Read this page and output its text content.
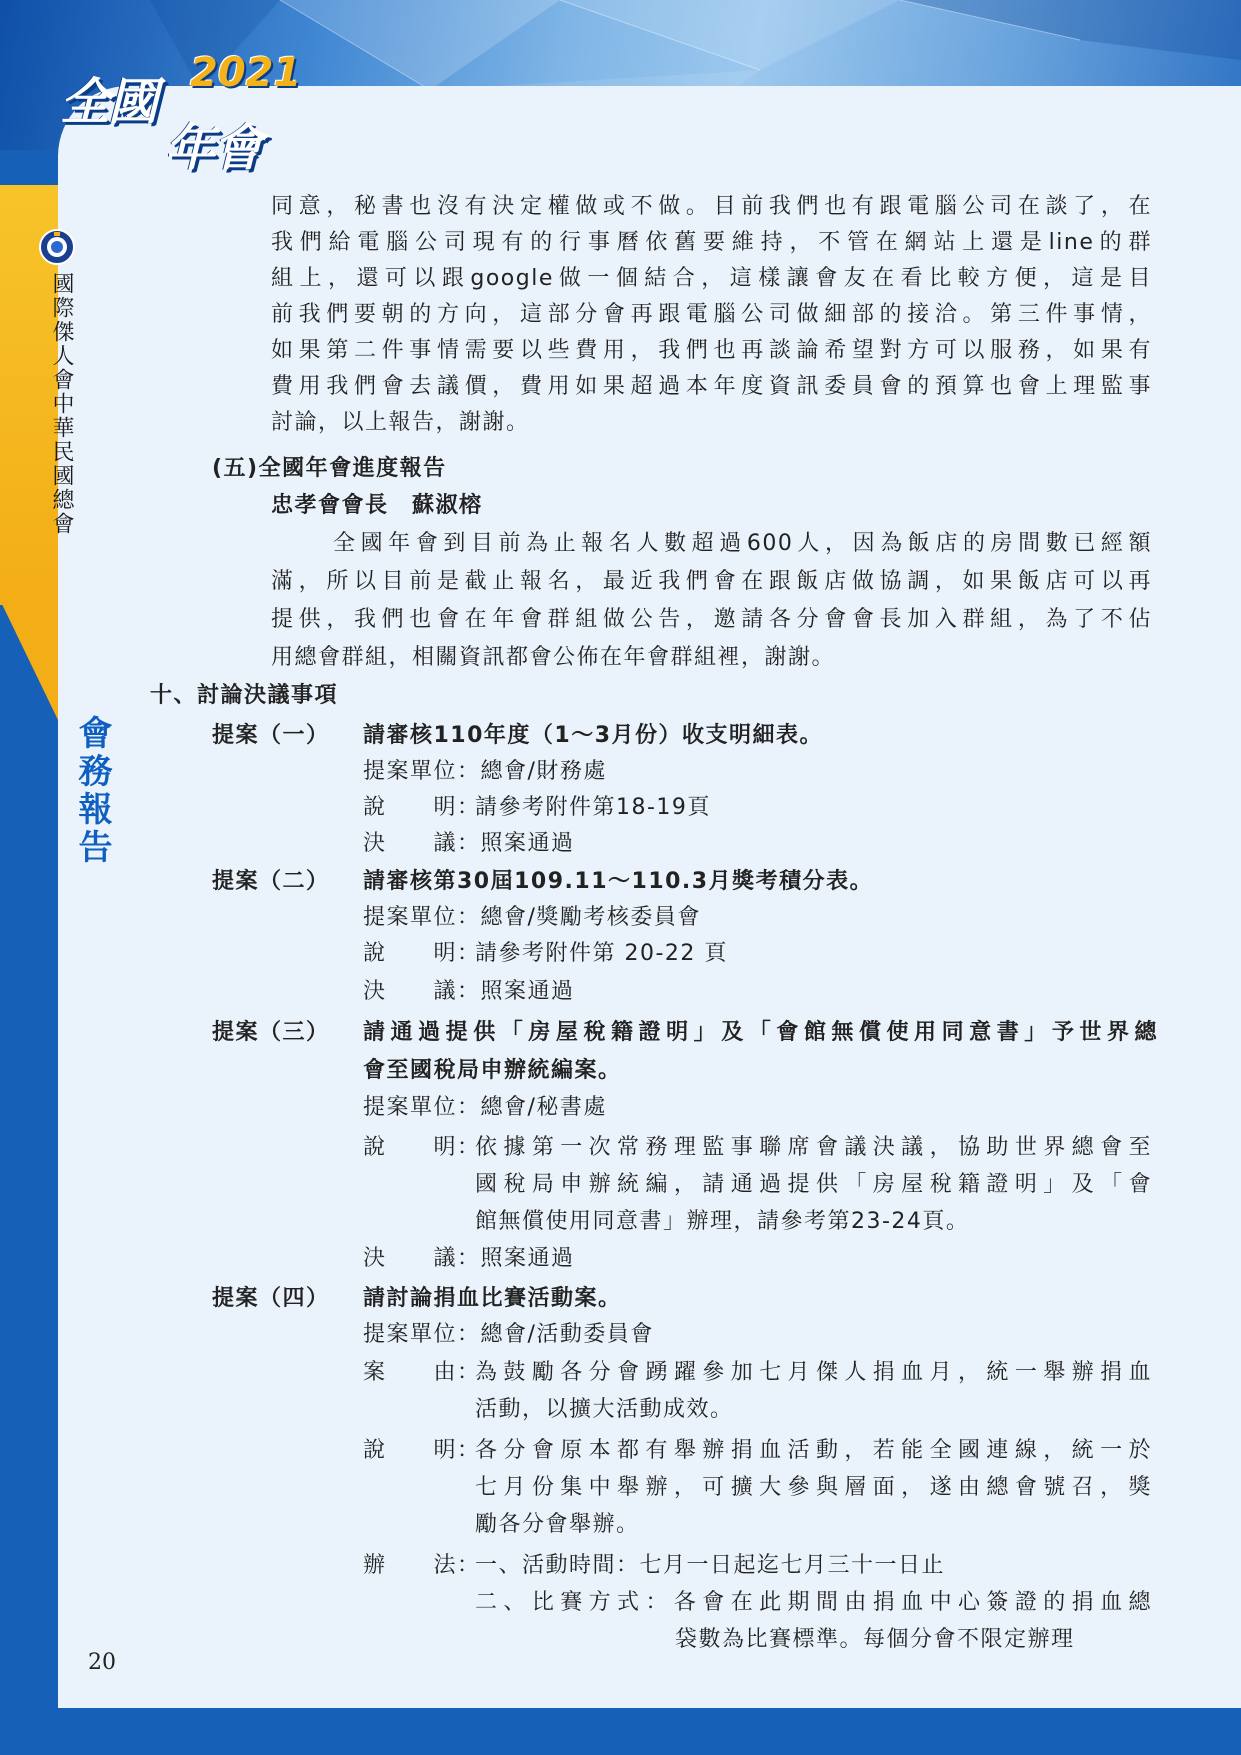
全國
年會
2021
國際傑人會中華民國總會
會務報告
20
同意，秘書也沒有決定權做或不做。目前我們也有跟電腦公司在談了，在
我們給電腦公司現有的行事曆依舊要維持，不管在網站上還是line的群
組上，還可以跟google做一個結合，這樣讓會友在看比較方便，這是目
前我們要朝的方向，這部分會再跟電腦公司做細部的接洽。第三件事情，
如果第二件事情需要以些費用，我們也再談論希望對方可以服務，如果有
費用我們會去議價，費用如果超過本年度資訊委員會的預算也會上理監事
討論，以上報告，謝謝。
(五)全國年會進度報告
忠孝會會長　蘇淑榕
全國年會到目前為止報名人數超過600人，因為飯店的房間數已經額
滿，所以目前是截止報名，最近我們會在跟飯店做協調，如果飯店可以再
提供，我們也會在年會群組做公告，邀請各分會會長加入群組，為了不佔
用總會群組，相關資訊都會公佈在年會群組裡，謝謝。
十、討論決議事項
提案（一） 請審核110年度（1～3月份）收支明細表。
提案單位：總會/財務處
說　　明：
請參考附件第18-19頁
決　　議：照案通過
提案（二） 請審核第30屆109.11～110.3月獎考積分表。
提案單位：總會/獎勵考核委員會
說　　明：
請參考附件第 20-22 頁
決　　議：照案通過
提案（三） 請通過提供「房屋稅籍證明」及「會館無償使用同意書」予世界總
會至國稅局申辦統編案。
提案單位：總會/秘書處
說　　明：
依據第一次常務理監事聯席會議決議，協助世界總會至
國稅局申辦統編，請通過提供「房屋稅籍證明」及「會
館無償使用同意書」辦理，請參考第23-24頁。
決　　議：照案通過
提案（四） 請討論捐血比賽活動案。
提案單位：總會/活動委員會
案　　由：
為鼓勵各分會踴躍參加七月傑人捐血月，統一舉辦捐血
活動，以擴大活動成效。
說　　明：
各分會原本都有舉辦捐血活動，若能全國連線，統一於
七月份集中舉辦，可擴大參與層面，遂由總會號召，獎
勵各分會舉辦。
辦　　法：
一、活動時間：七月一日起迄七月三十一日止
二、比賽方式：各會在此期間由捐血中心簽證的捐血總
袋數為比賽標準。每個分會不限定辦理
